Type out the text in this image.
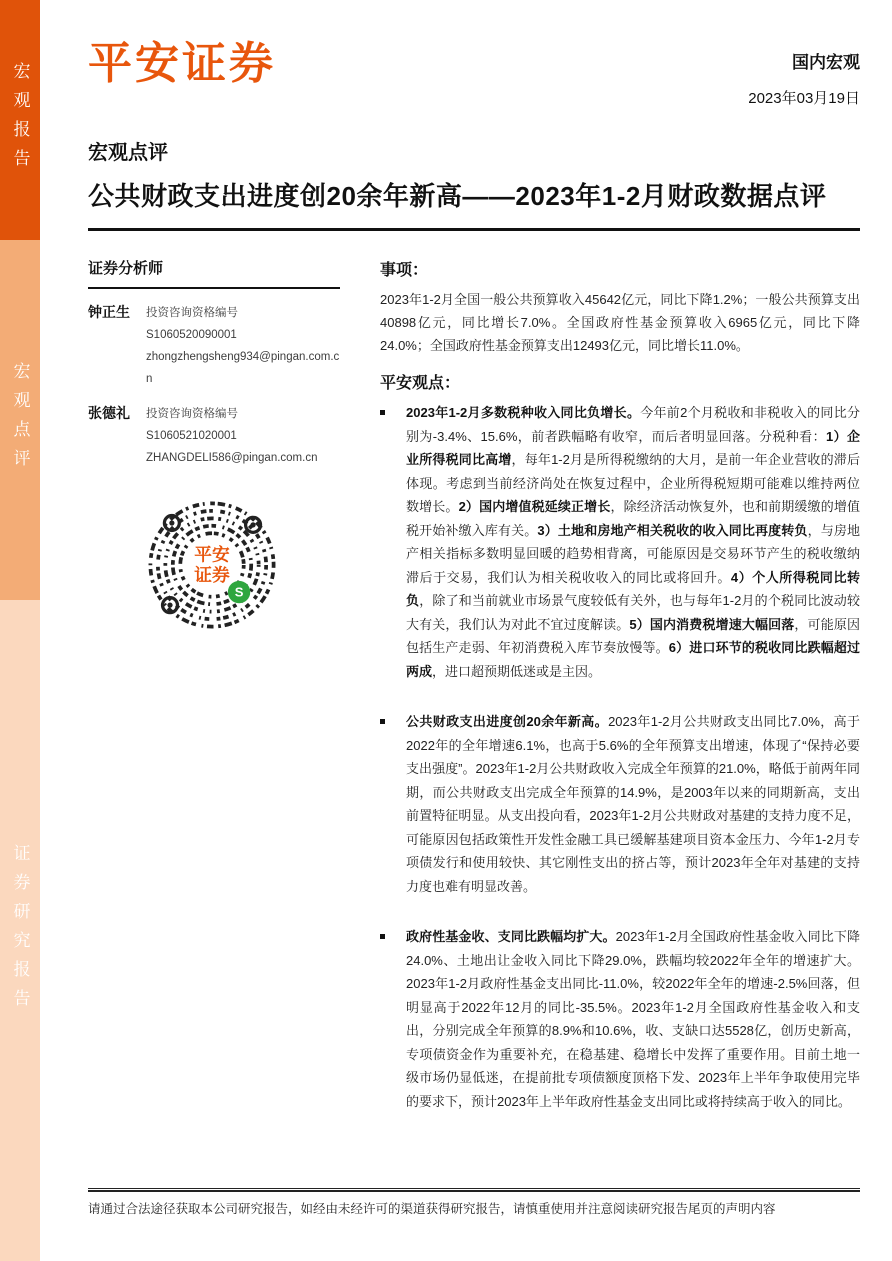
宏观报告
宏观点评
证券研究报告
平安证券	国内宏观
2023年03月19日
宏观点评
公共财政支出进度创20余年新高——2023年1-2月财政数据点评
证券分析师
钟正生	投资咨询资格编号
S1060520090001
zhongzhengsheng934@pingan.com.cn
张德礼	投资咨询资格编号
S1060521020001
ZHANGDELI586@pingan.com.cn
平安
证券
S
事项：

2023年1-2月全国一般公共预算收入45642亿元，同比下降1.2%；一般公共预算支出40898亿元，同比增长7.0%。全国政府性基金预算收入6965亿元，同比下降24.0%；全国政府性基金预算支出12493亿元，同比增长11.0%。

平安观点：
2023年1-2月多数税种收入同比负增长。今年前2个月税收和非税收入的同比分别为-3.4%、15.6%，前者跌幅略有收窄，而后者明显回落。分税种看：1）企业所得税同比高增，每年1-2月是所得税缴纳的大月，是前一年企业营收的滞后体现。考虑到当前经济尚处在恢复过程中，企业所得税短期可能难以维持两位数增长。2）国内增值税延续正增长，除经济活动恢复外，也和前期缓缴的增值税开始补缴入库有关。3）土地和房地产相关税收的收入同比再度转负，与房地产相关指标多数明显回暖的趋势相背离，可能原因是交易环节产生的税收缴纳滞后于交易，我们认为相关税收收入的同比或将回升。4）个人所得税同比转负，除了和当前就业市场景气度较低有关外，也与每年1-2月的个税同比波动较大有关，我们认为对此不宜过度解读。5）国内消费税增速大幅回落，可能原因包括生产走弱、年初消费税入库节奏放慢等。6）进口环节的税收同比跌幅超过两成，进口超预期低迷或是主因。
公共财政支出进度创20余年新高。2023年1-2月公共财政支出同比7.0%，高于2022年的全年增速6.1%，也高于5.6%的全年预算支出增速，体现了“保持必要支出强度”。2023年1-2月公共财政收入完成全年预算的21.0%，略低于前两年同期，而公共财政支出完成全年预算的14.9%，是2003年以来的同期新高，支出前置特征明显。从支出投向看，2023年1-2月公共财政对基建的支持力度不足，可能原因包括政策性开发性金融工具已缓解基建项目资本金压力、今年1-2月专项债发行和使用较快、其它刚性支出的挤占等，预计2023年全年对基建的支持力度也难有明显改善。
政府性基金收、支同比跌幅均扩大。2023年1-2月全国政府性基金收入同比下降24.0%、土地出让金收入同比下降29.0%，跌幅均较2022年全年的增速扩大。2023年1-2月政府性基金支出同比-11.0%，较2022年全年的增速-2.5%回落，但明显高于2022年12月的同比-35.5%。2023年1-2月全国政府性基金收入和支出，分别完成全年预算的8.9%和10.6%，收、支缺口达5528亿，创历史新高，专项债资金作为重要补充，在稳基建、稳增长中发挥了重要作用。目前土地一级市场仍显低迷，在提前批专项债额度顶格下发、2023年上半年争取使用完毕的要求下，预计2023年上半年政府性基金支出同比或将持续高于收入的同比。

请通过合法途径获取本公司研究报告，如经由未经许可的渠道获得研究报告，请慎重使用并注意阅读研究报告尾页的声明内容
